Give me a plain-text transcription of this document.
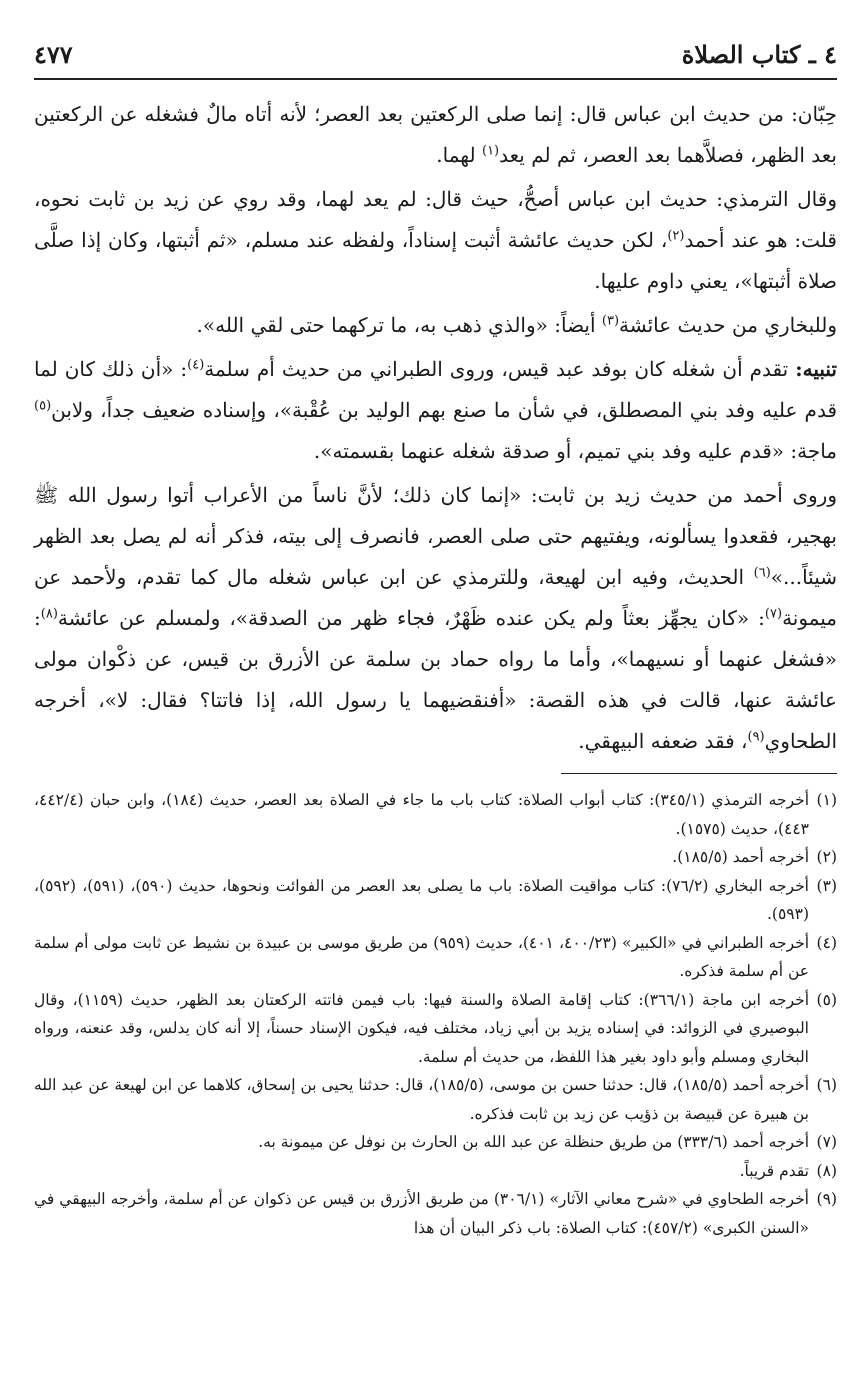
٤ ـ كتاب الصلاة
٤٧٧

حِبّان: من حديث ابن عباس قال: إنما صلى الركعتين بعد العصر؛ لأنه أتاه مالٌ فشغله عن الركعتين بعد الظهر، فصلاَّهما بعد العصر، ثم لم يعد$^{(١)}$ لهما.

وقال الترمذي: حديث ابن عباس أصحُّ، حيث قال: لم يعد لهما، وقد روي عن زيد بن ثابت نحوه، قلت: هو عند أحمد$^{(٢)}$، لكن حديث عائشة أثبت إسناداً، ولفظه عند مسلم، «ثم أثبتها، وكان إذا صلَّى صلاة أثبتها»، يعني داوم عليها.

وللبخاري من حديث عائشة$^{(٣)}$ أيضاً: «والذي ذهب به، ما تركهما حتى لقي الله».

تنبيه: تقدم أن شغله كان بوفد عبد قيس، وروى الطبراني من حديث أم سلمة$^{(٤)}$: «أن ذلك كان لما قدم عليه وفد بني المصطلق، في شأن ما صنع بهم الوليد بن عُقْبة»، وإسناده ضعيف جداً، ولابن$^{(٥)}$ ماجة: «قدم عليه وفد بني تميم، أو صدقة شغله عنهما بقسمته».

وروى أحمد من حديث زيد بن ثابت: «إنما كان ذلك؛ لأنَّ ناساً من الأعراب أتوا رسول الله ﷺ بهجير، فقعدوا يسألونه، ويفتيهم حتى صلى العصر، فانصرف إلى بيته، فذكر أنه لم يصل بعد الظهر شيئاً...»$^{(٦)}$ الحديث، وفيه ابن لهيعة، وللترمذي عن ابن عباس شغله مال كما تقدم، ولأحمد عن ميمونة$^{(٧)}$: «كان يجهِّز بعثاً ولم يكن عنده ظَهْرٌ، فجاء ظهر من الصدقة»، ولمسلم عن عائشة$^{(٨)}$: «فشغل عنهما أو نسيهما»، وأما ما رواه حماد بن سلمة عن الأزرق بن قيس، عن ذكْوان مولى عائشة عنها، قالت في هذه القصة: «أفنقضيهما يا رسول الله، إذا فاتتا؟ فقال: لا»، أخرجه الطحاوي$^{(٩)}$، فقد ضعفه البيهقي.

(١)
أخرجه الترمذي (٣٤٥/١): كتاب أبواب الصلاة: كتاب باب ما جاء في الصلاة بعد العصر، حديث (١٨٤)، وابن حبان (٤٤٢/٤، ٤٤٣)، حديث (١٥٧٥).

(٢)
أخرجه أحمد (١٨٥/٥).

(٣)
أخرجه البخاري (٧٦/٢): كتاب مواقيت الصلاة: باب ما يصلى بعد العصر من الفوائت ونحوها، حديث (٥٩٠)، (٥٩١)، (٥٩٢)، (٥٩٣).

(٤)
أخرجه الطبراني في «الكبير» (٤٠٠/٢٣، ٤٠١)، حديث (٩٥٩) من طريق موسى بن عبيدة بن نشيط عن ثابت مولى أم سلمة عن أم سلمة فذكره.

(٥)
أخرجه ابن ماجة (٣٦٦/١): كتاب إقامة الصلاة والسنة فيها: باب فيمن فاتته الركعتان بعد الظهر، حديث (١١٥٩)، وقال البوصيري في الزوائد: في إسناده يزيد بن أبي زياد، مختلف فيه، فيكون الإسناد حسناً، إلا أنه كان يدلس، وقد عنعنه، ورواه البخاري ومسلم وأبو داود بغير هذا اللفظ، من حديث أم سلمة.

(٦)
أخرجه أحمد (١٨٥/٥)، قال: حدثنا حسن بن موسى، (١٨٥/٥)، قال: حدثنا يحيى بن إسحاق، كلاهما عن ابن لهيعة عن عبد الله بن هبيرة عن قبيصة بن ذؤيب عن زيد بن ثابت فذكره.

(٧)
أخرجه أحمد (٣٣٣/٦) من طريق حنظلة عن عبد الله بن الحارث بن نوفل عن ميمونة به.

(٨)
تقدم قريباً.

(٩)
أخرجه الطحاوي في «شرح معاني الآثار» (٣٠٦/١) من طريق الأزرق بن قيس عن ذكوان عن أم سلمة، وأخرجه البيهقي في «السنن الكبرى» (٤٥٧/٢): كتاب الصلاة: باب ذكر البيان أن هذا
